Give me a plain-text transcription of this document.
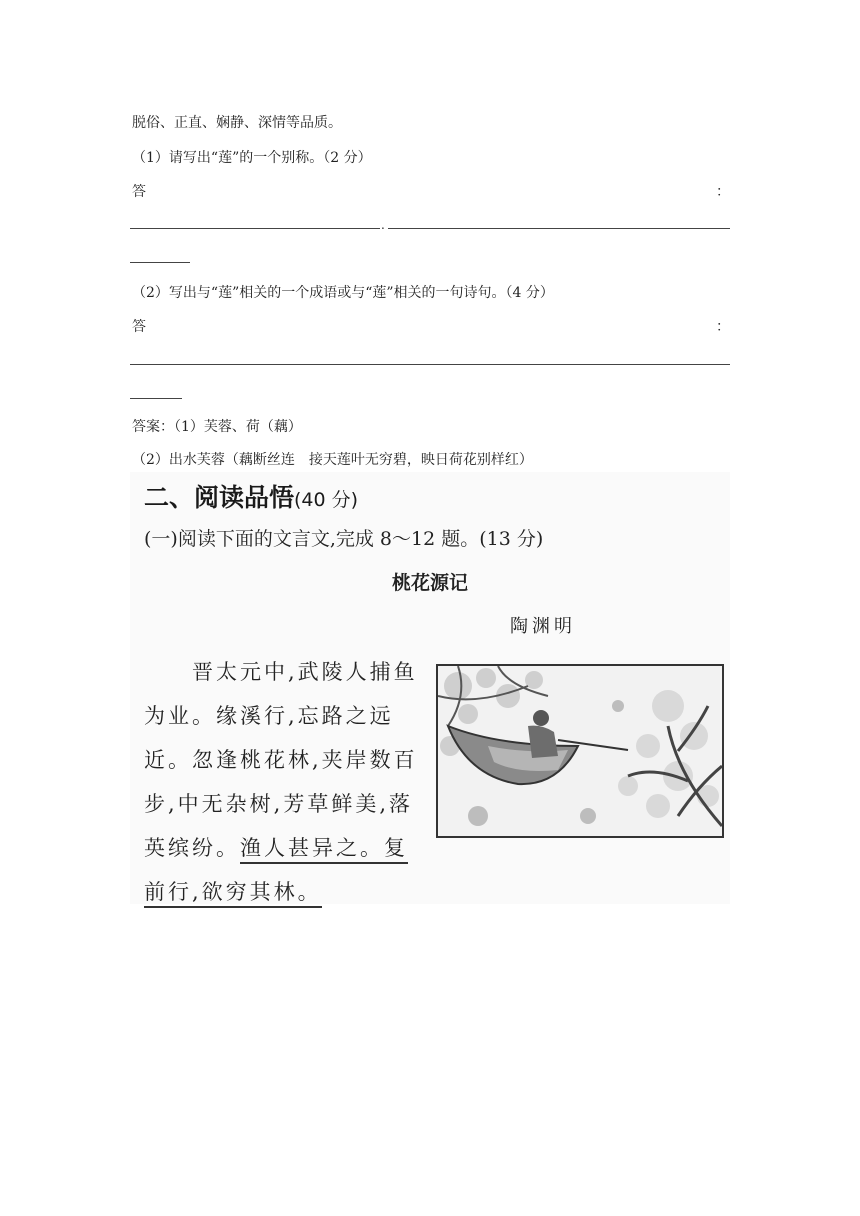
脱俗、正直、娴静、深情等品质。
（1）请写出“莲”的一个别称。（2 分）
答	：
.
（2）写出与“莲”相关的一个成语或与“莲”相关的一句诗句。（4 分）
答	：
答案：（1）芙蓉、荷（藕）
（2）出水芙蓉（藕断丝连　接天莲叶无穷碧，映日荷花别样红）
二、阅读品悟(40 分)
(一)阅读下面的文言文,完成 8～12 题。(13 分)
桃花源记
陶渊明
　　晋太元中,武陵人捕鱼
为业。缘溪行,忘路之远
近。忽逢桃花林,夹岸数百
步,中无杂树,芳草鲜美,落
英缤纷。渔人甚异之。复
前行,欲穷其林。
